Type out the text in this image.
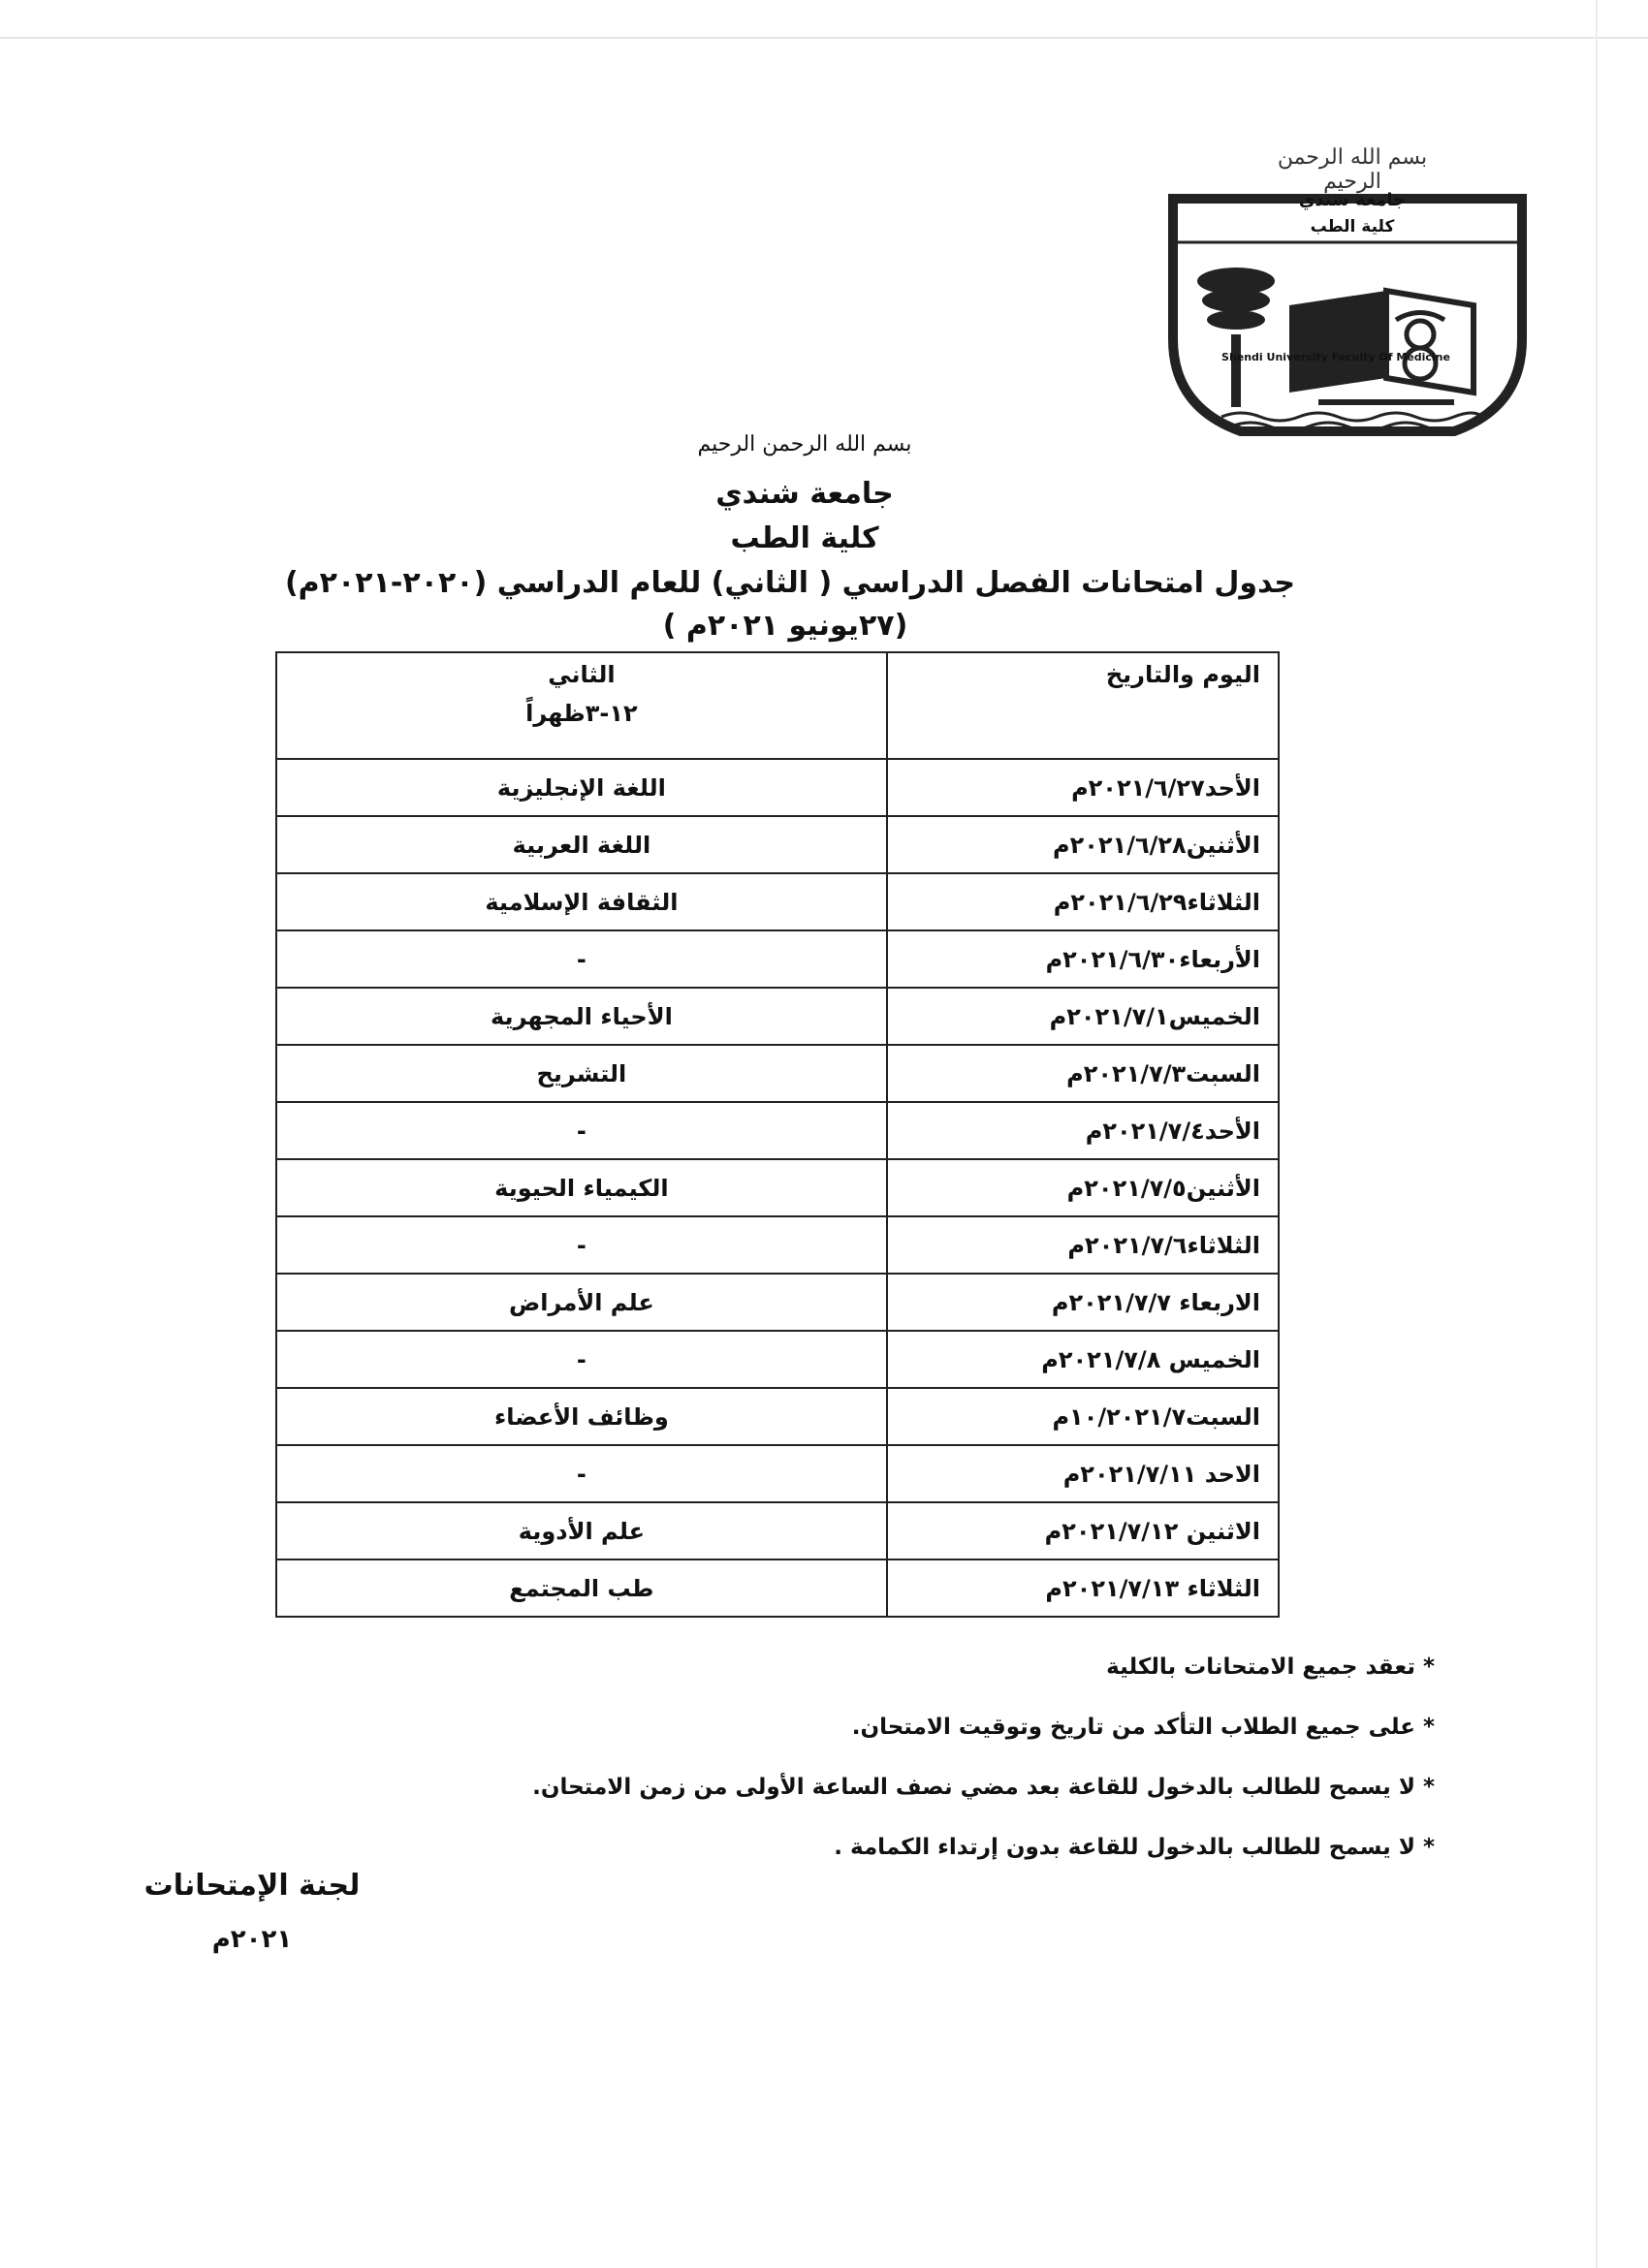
بسم الله الرحمن الرحيم
جامعة شندي
كلية الطب
Shendi University Faculty Of Medicine
بسم الله الرحمن الرحيم
جامعة شندي
كلية الطب
جدول امتحانات الفصل الدراسي ( الثاني) للعام الدراسي (٢٠٢٠-٢٠٢١م)
(٢٧يونيو ٢٠٢١م )
اليوم والتاريخ	الثاني
١٢-٣ظهراً

الأحد٢٠٢١/٦/٢٧م	اللغة الإنجليزية
الأثنين٢٠٢١/٦/٢٨م	اللغة العربية
الثلاثاء٢٠٢١/٦/٢٩م	الثقافة الإسلامية
الأربعاء٢٠٢١/٦/٣٠م	-
الخميس٢٠٢١/٧/١م	الأحياء المجهرية
السبت٢٠٢١/٧/٣م	التشريح
الأحد٢٠٢١/٧/٤م	-
الأثنين٢٠٢١/٧/٥م	الكيمياء الحيوية
الثلاثاء٢٠٢١/٧/٦م	-
الاربعاء ٢٠٢١/٧/٧م	علم الأمراض
الخميس ٢٠٢١/٧/٨م	-
السبت١٠/٢٠٢١/٧م	وظائف الأعضاء
الاحد ٢٠٢١/٧/١١م	-
الاثنين ٢٠٢١/٧/١٢م	علم الأدوية
الثلاثاء ٢٠٢١/٧/١٣م	طب المجتمع
* تعقد جميع الامتحانات بالكلية
* على جميع الطلاب التأكد من تاريخ وتوقيت الامتحان.
* لا يسمح للطالب بالدخول للقاعة بعد مضي نصف الساعة الأولى من زمن الامتحان.
* لا يسمح للطالب بالدخول للقاعة بدون إرتداء الكمامة .
لجنة الإمتحانات
٢٠٢١م
